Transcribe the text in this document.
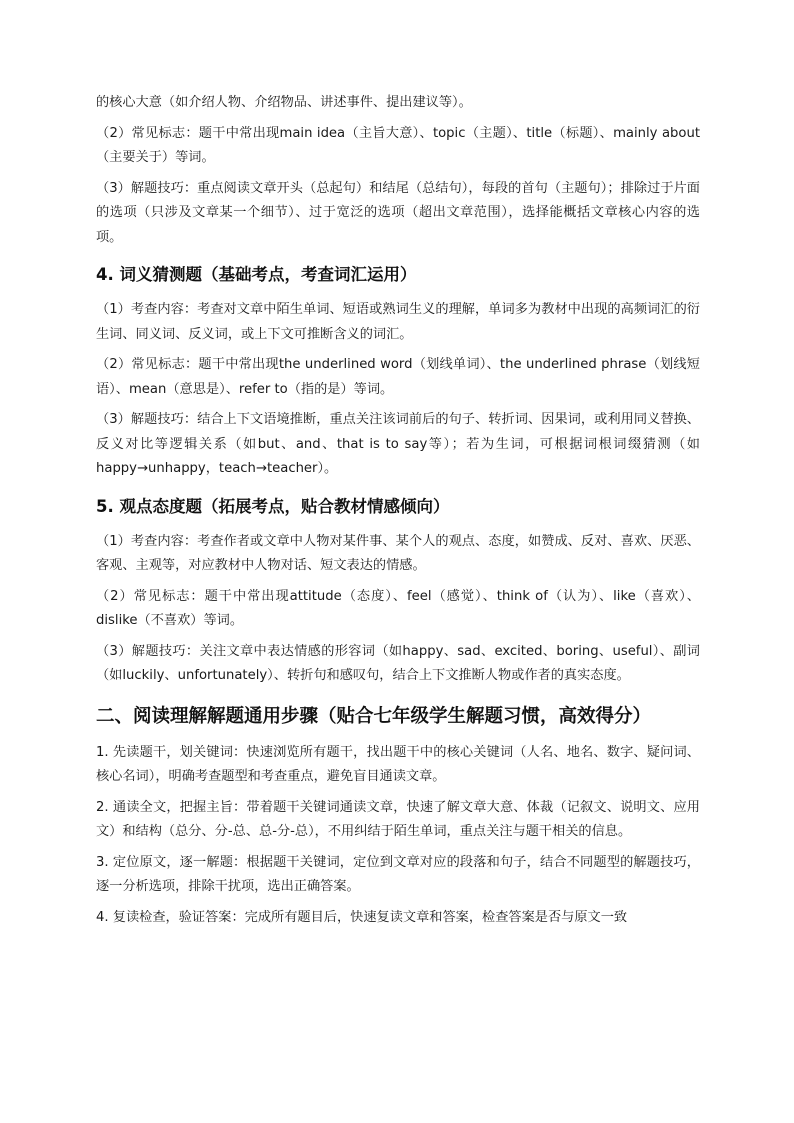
的核心大意（如介绍人物、介绍物品、讲述事件、提出建议等）。

（2）常见标志：题干中常出现main idea（主旨大意）、topic（主题）、title（标题）、mainly about（主要关于）等词。

（3）解题技巧：重点阅读文章开头（总起句）和结尾（总结句），每段的首句（主题句）；排除过于片面的选项（只涉及文章某一个细节）、过于宽泛的选项（超出文章范围），选择能概括文章核心内容的选项。

4. 词义猜测题（基础考点，考查词汇运用）

（1）考查内容：考查对文章中陌生单词、短语或熟词生义的理解，单词多为教材中出现的高频词汇的衍生词、同义词、反义词，或上下文可推断含义的词汇。

（2）常见标志：题干中常出现the underlined word（划线单词）、the underlined phrase（划线短语）、mean（意思是）、refer to（指的是）等词。

（3）解题技巧：结合上下文语境推断，重点关注该词前后的句子、转折词、因果词，或利用同义替换、反义对比等逻辑关系（如but、and、that is to say等）；若为生词，可根据词根词缀猜测（如happy→unhappy，teach→teacher）。

5. 观点态度题（拓展考点，贴合教材情感倾向）

（1）考查内容：考查作者或文章中人物对某件事、某个人的观点、态度，如赞成、反对、喜欢、厌恶、客观、主观等，对应教材中人物对话、短文表达的情感。

（2）常见标志：题干中常出现attitude（态度）、feel（感觉）、think of（认为）、like（喜欢）、dislike（不喜欢）等词。

（3）解题技巧：关注文章中表达情感的形容词（如happy、sad、excited、boring、useful）、副词（如luckily、unfortunately）、转折句和感叹句，结合上下文推断人物或作者的真实态度。

二、阅读理解解题通用步骤（贴合七年级学生解题习惯，高效得分）

1. 先读题干，划关键词：快速浏览所有题干，找出题干中的核心关键词（人名、地名、数字、疑问词、核心名词），明确考查题型和考查重点，避免盲目通读文章。

2. 通读全文，把握主旨：带着题干关键词通读文章，快速了解文章大意、体裁（记叙文、说明文、应用文）和结构（总分、分-总、总-分-总），不用纠结于陌生单词，重点关注与题干相关的信息。

3. 定位原文，逐一解题：根据题干关键词，定位到文章对应的段落和句子，结合不同题型的解题技巧，逐一分析选项，排除干扰项，选出正确答案。

4. 复读检查，验证答案：完成所有题目后，快速复读文章和答案，检查答案是否与原文一致
